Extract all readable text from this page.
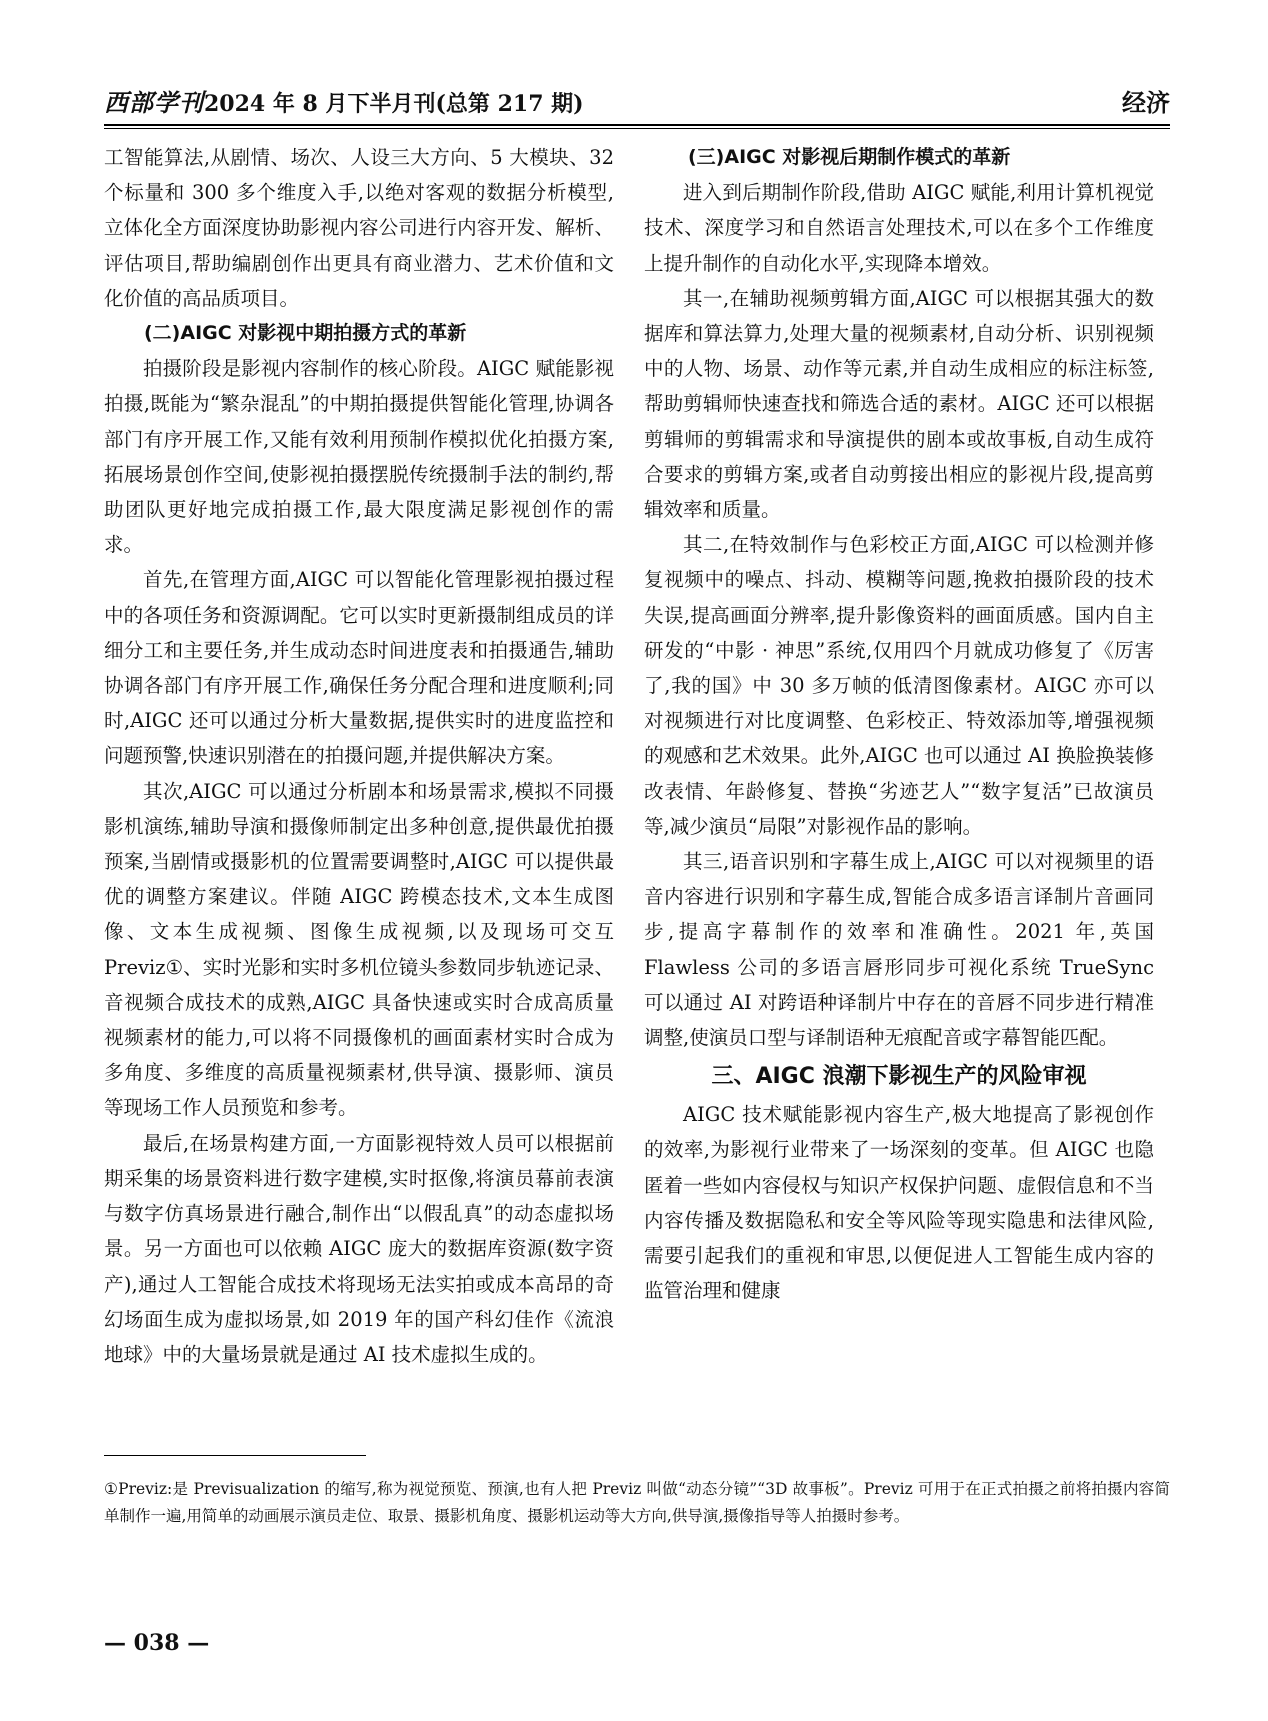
西部学刊2024 年 8 月下半月刊(总第 217 期)	经济

工智能算法,从剧情、场次、人设三大方向、5 大模块、32 个标量和 300 多个维度入手,以绝对客观的数据分析模型,立体化全方面深度协助影视内容公司进行内容开发、解析、评估项目,帮助编剧创作出更具有商业潜力、艺术价值和文化价值的高品质项目。

(二)AIGC 对影视中期拍摄方式的革新

拍摄阶段是影视内容制作的核心阶段。AIGC 赋能影视拍摄,既能为“繁杂混乱”的中期拍摄提供智能化管理,协调各部门有序开展工作,又能有效利用预制作模拟优化拍摄方案,拓展场景创作空间,使影视拍摄摆脱传统摄制手法的制约,帮助团队更好地完成拍摄工作,最大限度满足影视创作的需求。

首先,在管理方面,AIGC 可以智能化管理影视拍摄过程中的各项任务和资源调配。它可以实时更新摄制组成员的详细分工和主要任务,并生成动态时间进度表和拍摄通告,辅助协调各部门有序开展工作,确保任务分配合理和进度顺利;同时,AIGC 还可以通过分析大量数据,提供实时的进度监控和问题预警,快速识别潜在的拍摄问题,并提供解决方案。

其次,AIGC 可以通过分析剧本和场景需求,模拟不同摄影机演练,辅助导演和摄像师制定出多种创意,提供最优拍摄预案,当剧情或摄影机的位置需要调整时,AIGC 可以提供最优的调整方案建议。伴随 AIGC 跨模态技术,文本生成图像、文本生成视频、图像生成视频,以及现场可交互 Previz①、实时光影和实时多机位镜头参数同步轨迹记录、音视频合成技术的成熟,AIGC 具备快速或实时合成高质量视频素材的能力,可以将不同摄像机的画面素材实时合成为多角度、多维度的高质量视频素材,供导演、摄影师、演员等现场工作人员预览和参考。

最后,在场景构建方面,一方面影视特效人员可以根据前期采集的场景资料进行数字建模,实时抠像,将演员幕前表演与数字仿真场景进行融合,制作出“以假乱真”的动态虚拟场景。另一方面也可以依赖 AIGC 庞大的数据库资源(数字资产),通过人工智能合成技术将现场无法实拍或成本高昂的奇幻场面生成为虚拟场景,如 2019 年的国产科幻佳作《流浪地球》中的大量场景就是通过 AI 技术虚拟生成的。

(三)AIGC 对影视后期制作模式的革新

进入到后期制作阶段,借助 AIGC 赋能,利用计算机视觉技术、深度学习和自然语言处理技术,可以在多个工作维度上提升制作的自动化水平,实现降本增效。

其一,在辅助视频剪辑方面,AIGC 可以根据其强大的数据库和算法算力,处理大量的视频素材,自动分析、识别视频中的人物、场景、动作等元素,并自动生成相应的标注标签,帮助剪辑师快速查找和筛选合适的素材。AIGC 还可以根据剪辑师的剪辑需求和导演提供的剧本或故事板,自动生成符合要求的剪辑方案,或者自动剪接出相应的影视片段,提高剪辑效率和质量。

其二,在特效制作与色彩校正方面,AIGC 可以检测并修复视频中的噪点、抖动、模糊等问题,挽救拍摄阶段的技术失误,提高画面分辨率,提升影像资料的画面质感。国内自主研发的“中影 · 神思”系统,仅用四个月就成功修复了《厉害了,我的国》中 30 多万帧的低清图像素材。AIGC 亦可以对视频进行对比度调整、色彩校正、特效添加等,增强视频的观感和艺术效果。此外,AIGC 也可以通过 AI 换脸换装修改表情、年龄修复、替换“劣迹艺人”“数字复活”已故演员等,减少演员“局限”对影视作品的影响。

其三,语音识别和字幕生成上,AIGC 可以对视频里的语音内容进行识别和字幕生成,智能合成多语言译制片音画同步,提高字幕制作的效率和准确性。2021 年,英国 Flawless 公司的多语言唇形同步可视化系统 TrueSync 可以通过 AI 对跨语种译制片中存在的音唇不同步进行精准调整,使演员口型与译制语种无痕配音或字幕智能匹配。

三、AIGC 浪潮下影视生产的风险审视

AIGC 技术赋能影视内容生产,极大地提高了影视创作的效率,为影视行业带来了一场深刻的变革。但 AIGC 也隐匿着一些如内容侵权与知识产权保护问题、虚假信息和不当内容传播及数据隐私和安全等风险等现实隐患和法律风险,需要引起我们的重视和审思,以便促进人工智能生成内容的监管治理和健康

①Previz:是 Previsualization 的缩写,称为视觉预览、预演,也有人把 Previz 叫做“动态分镜”“3D 故事板”。Previz 可用于在正式拍摄之前将拍摄内容简单制作一遍,用简单的动画展示演员走位、取景、摄影机角度、摄影机运动等大方向,供导演,摄像指导等人拍摄时参考。

— 038 —
